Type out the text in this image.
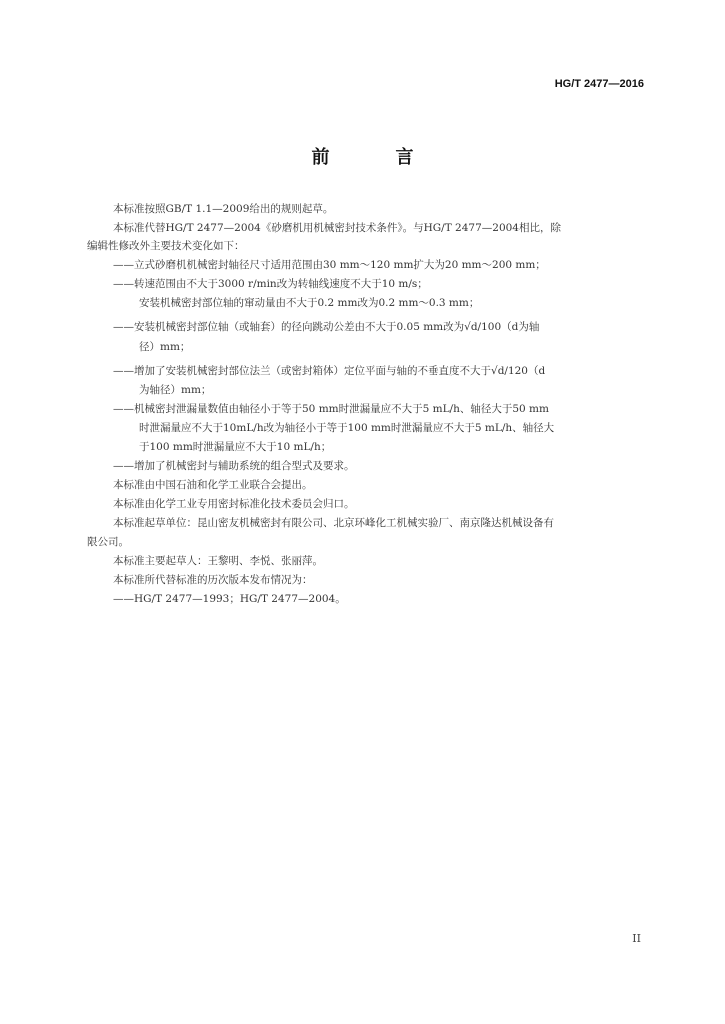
HG/T 2477—2016
前　言
本标准按照GB/T 1.1—2009给出的规则起草。
本标准代替HG/T 2477—2004《砂磨机用机械密封技术条件》。与HG/T 2477—2004相比，除
编辑性修改外主要技术变化如下：
——立式砂磨机机械密封轴径尺寸适用范围由30 mm～120 mm扩大为20 mm～200 mm；
——转速范围由不大于3000 r/min改为转轴线速度不大于10 m/s；
安装机械密封部位轴的窜动量由不大于0.2 mm改为0.2 mm～0.3 mm；
——安装机械密封部位轴（或轴套）的径向跳动公差由不大于0.05 mm改为√d/100（d为轴
径）mm；
——增加了安装机械密封部位法兰（或密封箱体）定位平面与轴的不垂直度不大于√d/120（d
为轴径）mm；
——机械密封泄漏量数值由轴径小于等于50 mm时泄漏量应不大于5 mL/h、轴径大于50 mm
时泄漏量应不大于10mL/h改为轴径小于等于100 mm时泄漏量应不大于5 mL/h、轴径大
于100 mm时泄漏量应不大于10 mL/h；
——增加了机械密封与辅助系统的组合型式及要求。
本标准由中国石油和化学工业联合会提出。
本标准由化学工业专用密封标准化技术委员会归口。
本标准起草单位：昆山密友机械密封有限公司、北京环峰化工机械实验厂、南京隆达机械设备有
限公司。
本标准主要起草人：王黎明、李悦、张丽萍。
本标准所代替标准的历次版本发布情况为：
——HG/T 2477—1993；HG/T 2477—2004。
II
